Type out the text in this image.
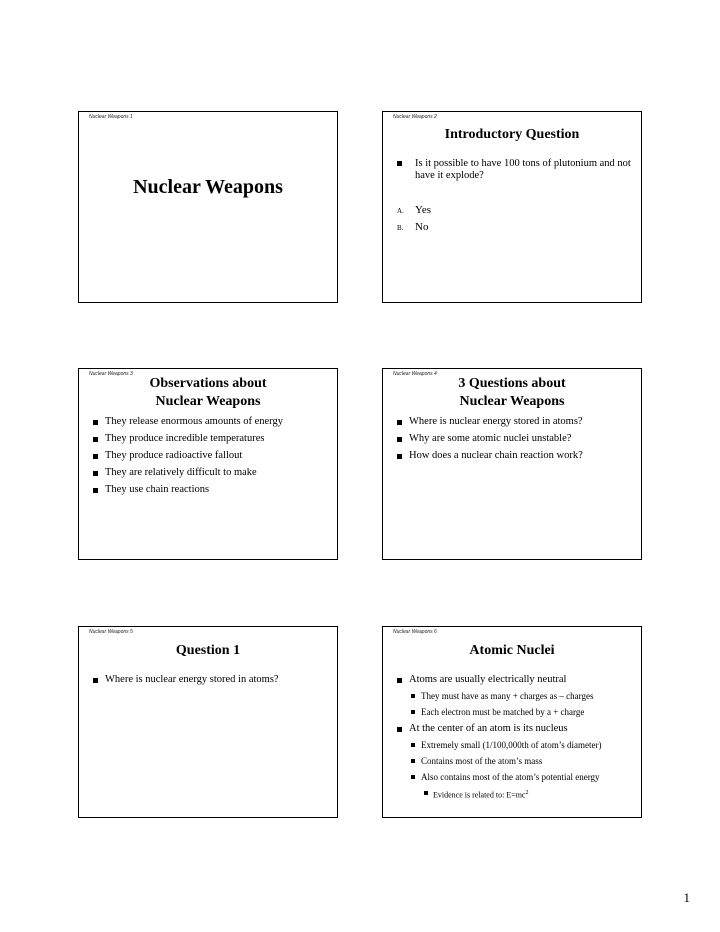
Nuclear Weapons 1
Nuclear Weapons
Nuclear Weapons 2
Introductory Question
Is it possible to have 100 tons of plutonium and not have it explode?
A. Yes
B. No
Nuclear Weapons 3
Observations about
Nuclear Weapons
They release enormous amounts of energy
They produce incredible temperatures
They produce radioactive fallout
They are relatively difficult to make
They use chain reactions
Nuclear Weapons 4
3 Questions about
Nuclear Weapons
Where is nuclear energy stored in atoms?
Why are some atomic nuclei unstable?
How does a nuclear chain reaction work?
Nuclear Weapons 5
Question 1
Where is nuclear energy stored in atoms?
Nuclear Weapons 6
Atomic Nuclei
Atoms are usually electrically neutral
They must have as many + charges as – charges
Each electron must be matched by a + charge
At the center of an atom is its nucleus
Extremely small (1/100,000th of atom’s diameter)
Contains most of the atom’s mass
Also contains most of the atom’s potential energy
Evidence is related to: $E=mc^2$
1
